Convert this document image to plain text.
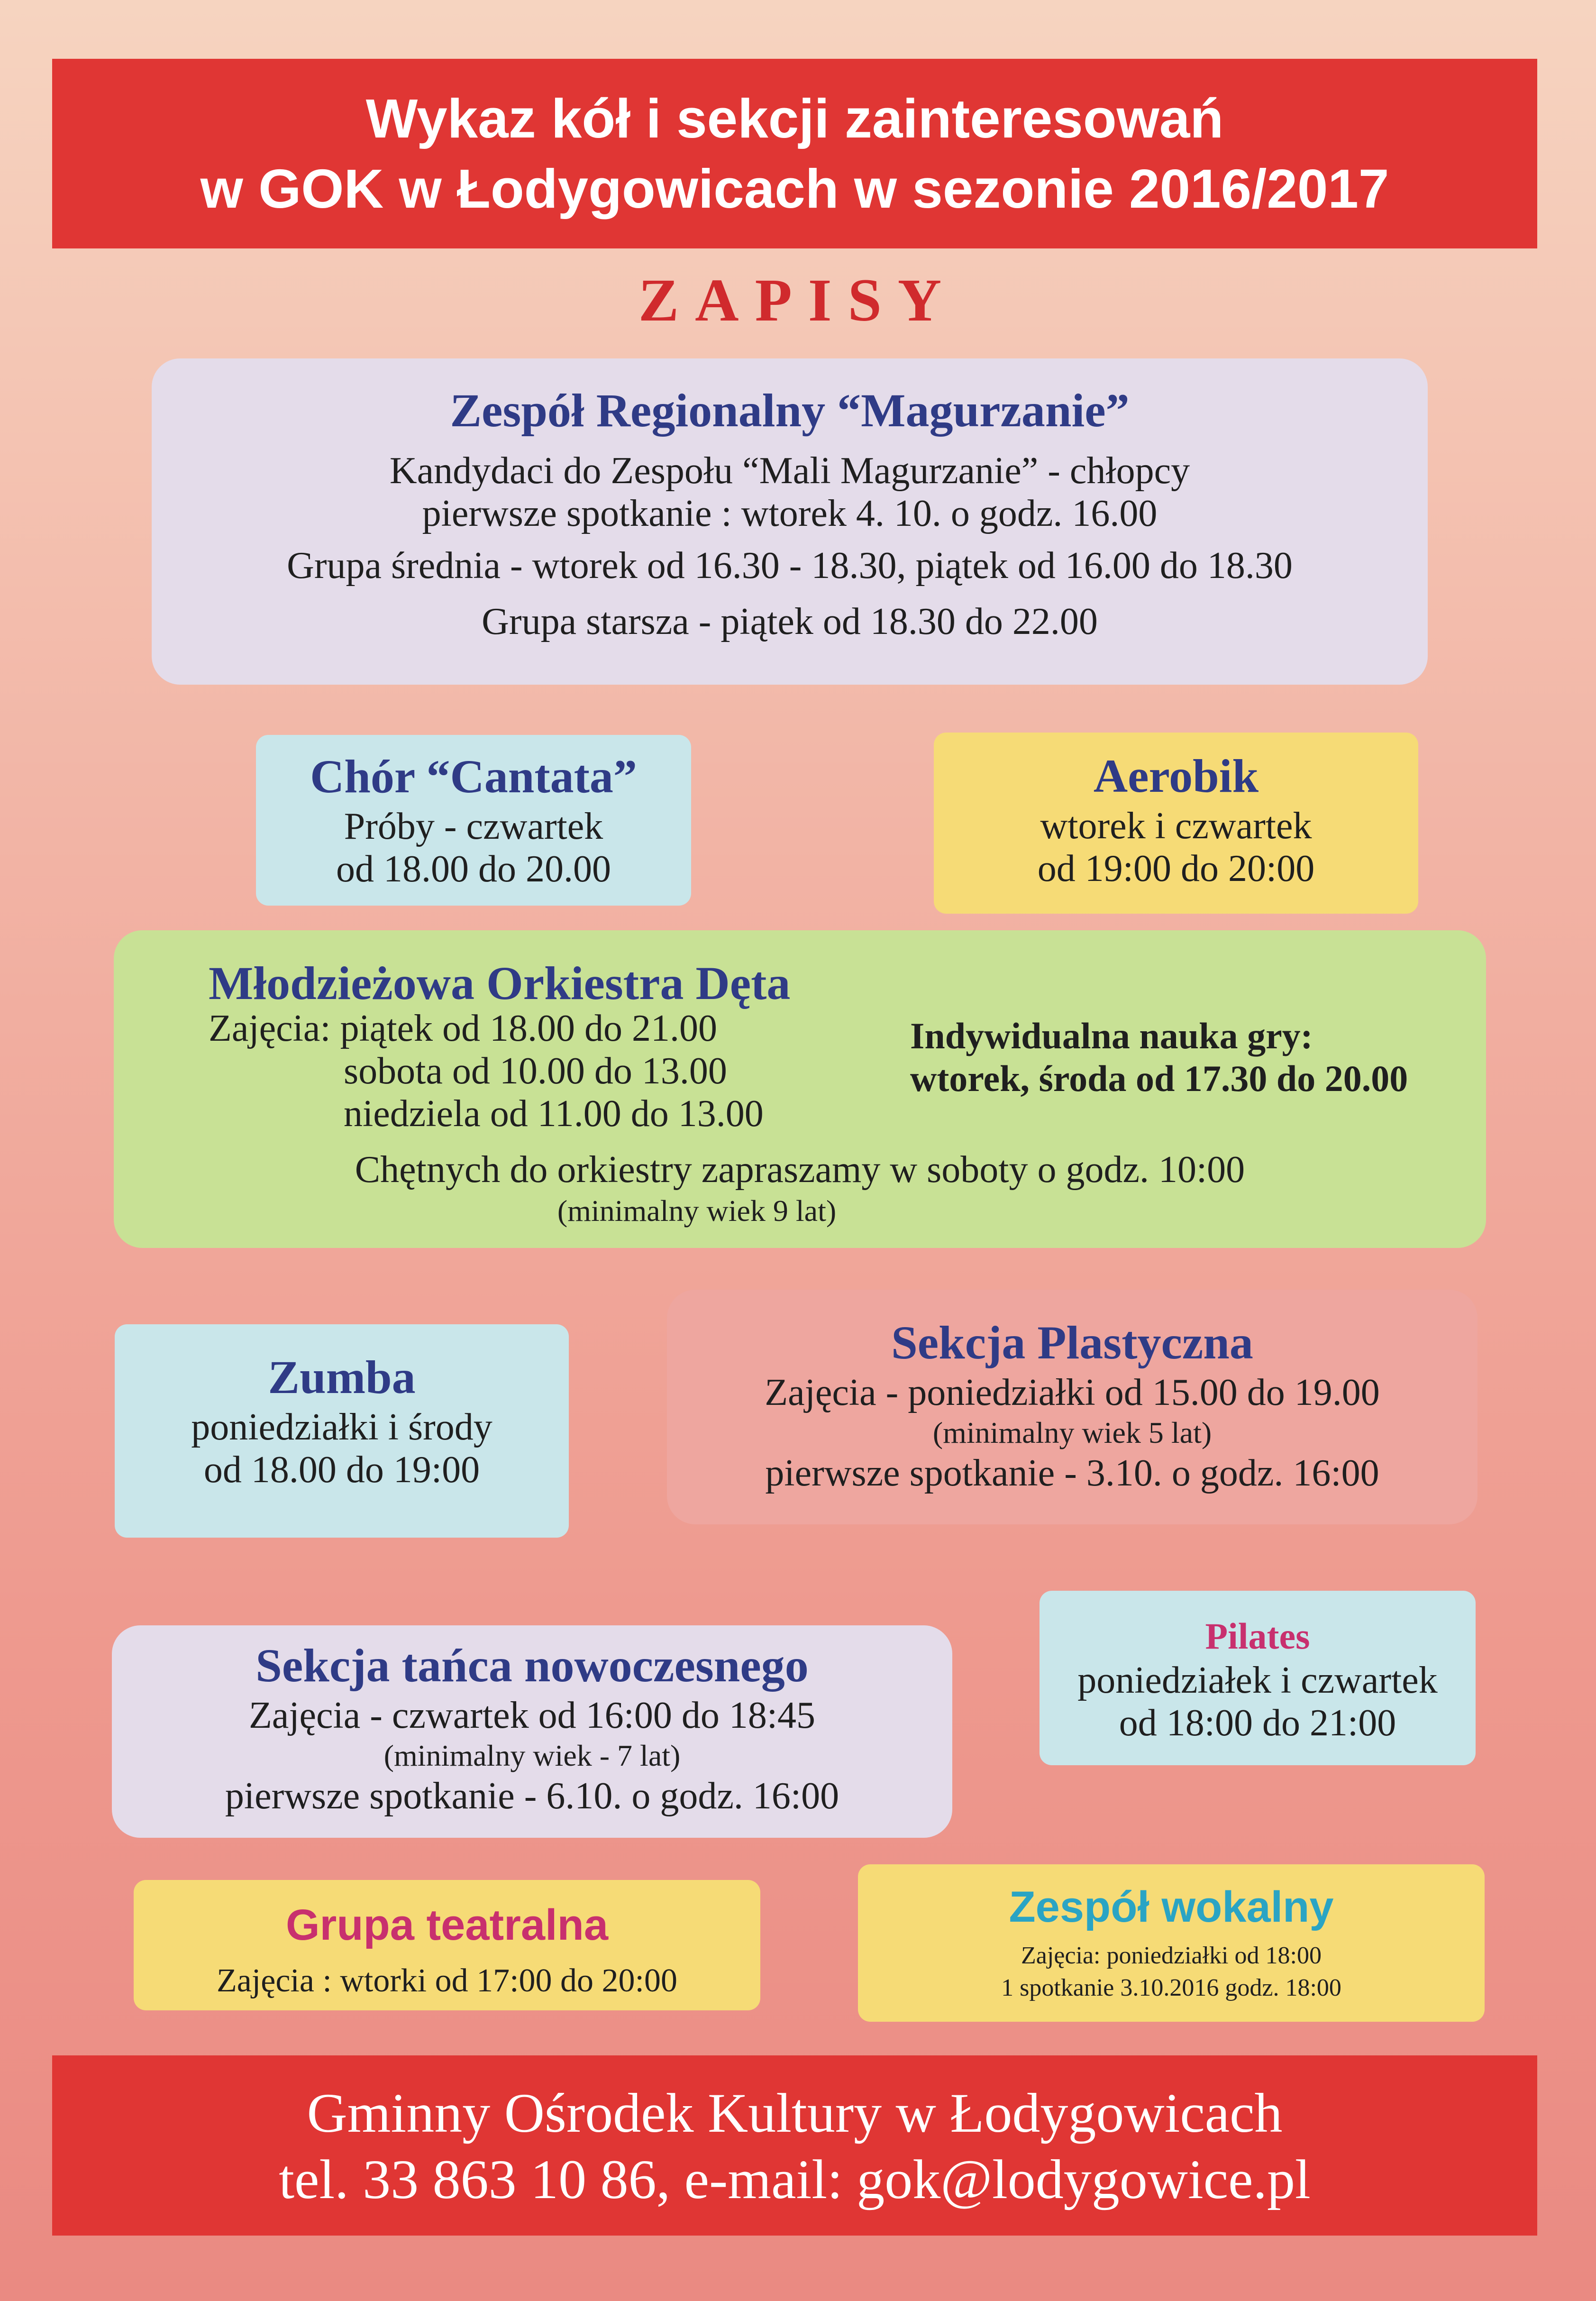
Wykaz kół i sekcji zainteresowań
w GOK w Łodygowicach w sezonie 2016/2017
ZAPISY
Zespół Regionalny “Magurzanie”
Kandydaci do Zespołu “Mali Magurzanie” - chłopcy
pierwsze spotkanie : wtorek 4. 10. o godz. 16.00
Grupa średnia - wtorek od 16.30 - 18.30, piątek od 16.00 do 18.30
Grupa starsza - piątek od 18.30 do 22.00
Chór “Cantata”
Próby - czwartek
od 18.00 do 20.00
Aerobik
wtorek i czwartek
od 19:00 do 20:00
Młodzieżowa Orkiestra Dęta
Zajęcia: piątek od 18.00 do 21.00
sobota od 10.00 do 13.00
niedziela od 11.00 do 13.00
Indywidualna nauka gry:
wtorek, środa od 17.30 do 20.00
Chętnych do orkiestry zapraszamy w soboty o godz. 10:00
(minimalny wiek 9 lat)
Zumba
poniedziałki i środy
od 18.00 do 19:00
Sekcja Plastyczna
Zajęcia - poniedziałki od 15.00 do 19.00
(minimalny wiek 5 lat)
pierwsze spotkanie - 3.10. o godz. 16:00
Sekcja tańca nowoczesnego
Zajęcia - czwartek od 16:00 do 18:45
(minimalny wiek - 7 lat)
pierwsze spotkanie - 6.10. o godz. 16:00
Pilates
poniedziałek i czwartek
od 18:00 do 21:00
Grupa teatralna
Zajęcia : wtorki od 17:00 do 20:00
Zespół wokalny
Zajęcia: poniedziałki od 18:00
1 spotkanie 3.10.2016 godz. 18:00
Gminny Ośrodek Kultury w Łodygowicach
tel. 33 863 10 86, e-mail: gok@lodygowice.pl
